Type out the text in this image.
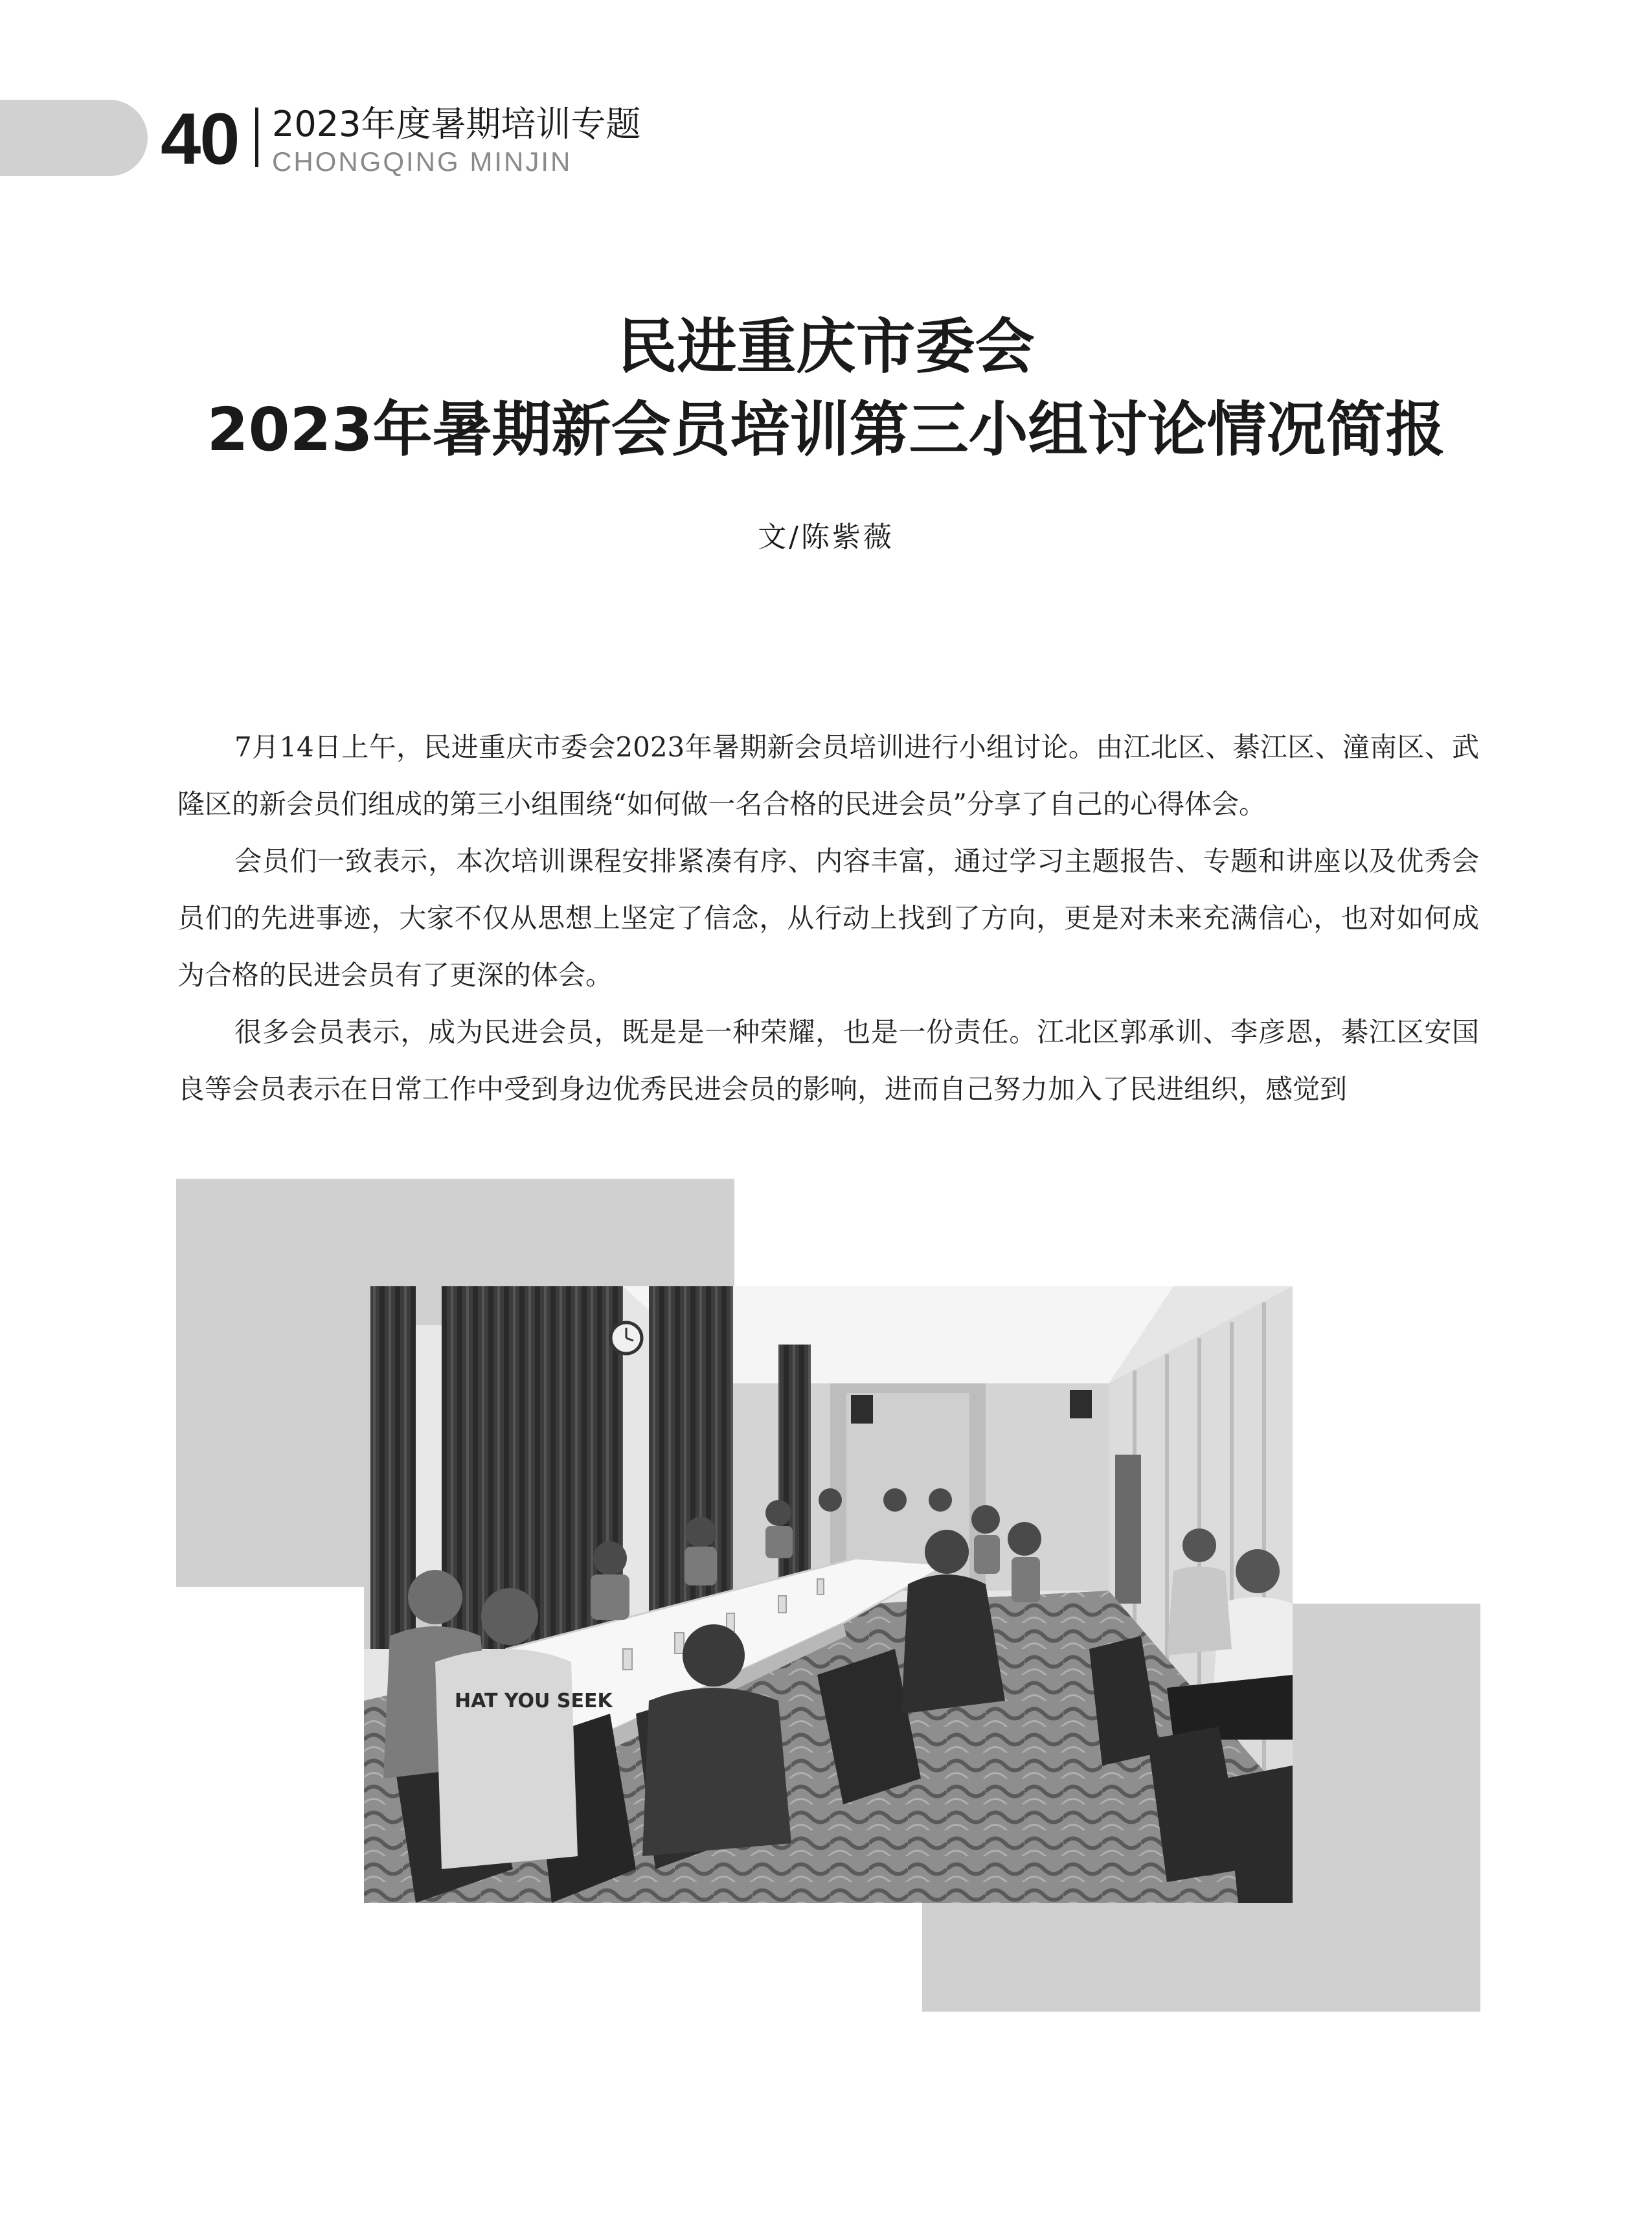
40 2023年度暑期培训专题
CHONGQING MINJIN
民进重庆市委会
2023年暑期新会员培训第三小组讨论情况简报
文/陈紫薇

7月14日上午，民进重庆市委会2023年暑期新会员培训进行小组讨论。由江北区、綦江区、潼南区、武隆区的新会员们组成的第三小组围绕“如何做一名合格的民进会员”分享了自己的心得体会。

会员们一致表示，本次培训课程安排紧凑有序、内容丰富，通过学习主题报告、专题和讲座以及优秀会员们的先进事迹，大家不仅从思想上坚定了信念，从行动上找到了方向，更是对未来充满信心，也对如何成为合格的民进会员有了更深的体会。

很多会员表示，成为民进会员，既是是一种荣耀，也是一份责任。江北区郭承训、李彦恩，綦江区安国良等会员表示在日常工作中受到身边优秀民进会员的影响，进而自己努力加入了民进组织，感觉到

HAT YOU SEEK
